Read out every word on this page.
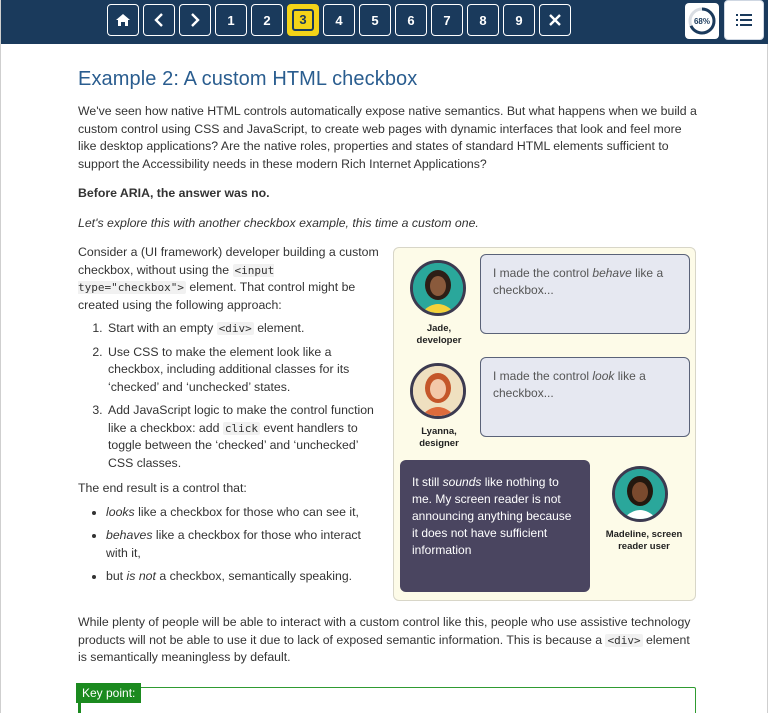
1	2	3	4	5	6	7	8	9	68%
Example 2: A custom HTML checkbox

We've seen how native HTML controls automatically expose native semantics. But what happens when we build a custom control using CSS and JavaScript, to create web pages with dynamic interfaces that look and feel more like desktop applications? Are the native roles, properties and states of standard HTML elements sufficient to support the Accessibility needs in these modern Rich Internet Applications?

Before ARIA, the answer was no.

Let's explore this with another checkbox example, this time a custom one.

Consider a (UI framework) developer building a custom checkbox, without using the <input type="checkbox"> element. That control might be created using the following approach:
1. Start with an empty <div> element.
2. Use CSS to make the element look like a checkbox, including additional classes for its ‘checked’ and ‘unchecked’ states.
3. Add JavaScript logic to make the control function like a checkbox: add click event handlers to toggle between the ‘checked’ and ‘unchecked’ CSS classes.
The end result is a control that:
• looks like a checkbox for those who can see it,
• behaves like a checkbox for those who interact with it,
• but is not a checkbox, semantically speaking.
Jade,
developer
I made the control behave like a checkbox...
Lyanna,
designer
I made the control look like a checkbox...
It still sounds like nothing to me. My screen reader is not announcing anything because it does not have sufficient information
Madeline, screen
reader user

While plenty of people will be able to interact with a custom control like this, people who use assistive technology products will not be able to use it due to lack of exposed semantic information. This is because a <div> element is semantically meaningless by default.

Key point:
